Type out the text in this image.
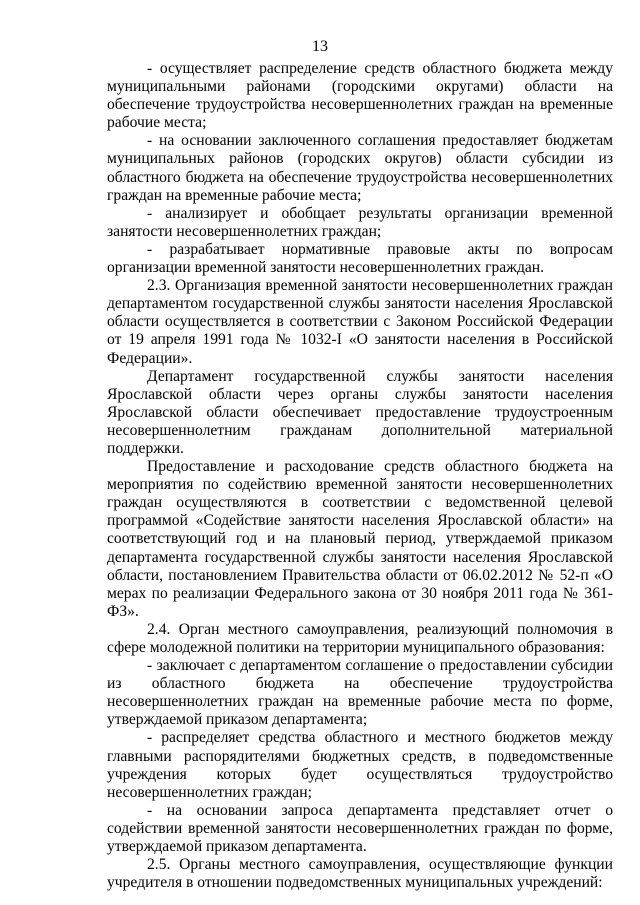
13

- осуществляет распределение средств областного бюджета между муниципальными районами (городскими округами) области на обеспечение трудоустройства несовершеннолетних граждан на временные рабочие места;

- на основании заключенного соглашения предоставляет бюджетам муниципальных районов (городских округов) области субсидии из областного бюджета на обеспечение трудоустройства несовершеннолетних граждан на временные рабочие места;

- анализирует и обобщает результаты организации временной занятости несовершеннолетних граждан;

- разрабатывает нормативные правовые акты по вопросам организации временной занятости несовершеннолетних граждан.

2.3. Организация временной занятости несовершеннолетних граждан департаментом государственной службы занятости населения Ярославской области осуществляется в соответствии с Законом Российской Федерации от 19 апреля 1991 года № 1032-I «О занятости населения в Российской Федерации».

Департамент государственной службы занятости населения Ярославской области через органы службы занятости населения Ярославской области обеспечивает предоставление трудоустроенным несовершеннолетним гражданам дополнительной материальной поддержки.

Предоставление и расходование средств областного бюджета на мероприятия по содействию временной занятости несовершеннолетних граждан осуществляются в соответствии с ведомственной целевой программой «Содействие занятости населения Ярославской области» на соответствующий год и на плановый период, утверждаемой приказом департамента государственной службы занятости населения Ярославской области, постановлением Правительства области от 06.02.2012 № 52-п «О мерах по реализации Федерального закона от 30 ноября 2011 года № 361-ФЗ».

2.4. Орган местного самоуправления, реализующий полномочия в сфере молодежной политики на территории муниципального образования:

- заключает с департаментом соглашение о предоставлении субсидии из областного бюджета на обеспечение трудоустройства несовершеннолетних граждан на временные рабочие места по форме, утверждаемой приказом департамента;

- распределяет средства областного и местного бюджетов между главными распорядителями бюджетных средств, в подведомственные учреждения которых будет осуществляться трудоустройство несовершеннолетних граждан;

- на основании запроса департамента представляет отчет о содействии временной занятости несовершеннолетних граждан по форме, утверждаемой приказом департамента.

2.5. Органы местного самоуправления, осуществляющие функции учредителя в отношении подведомственных муниципальных учреждений:
